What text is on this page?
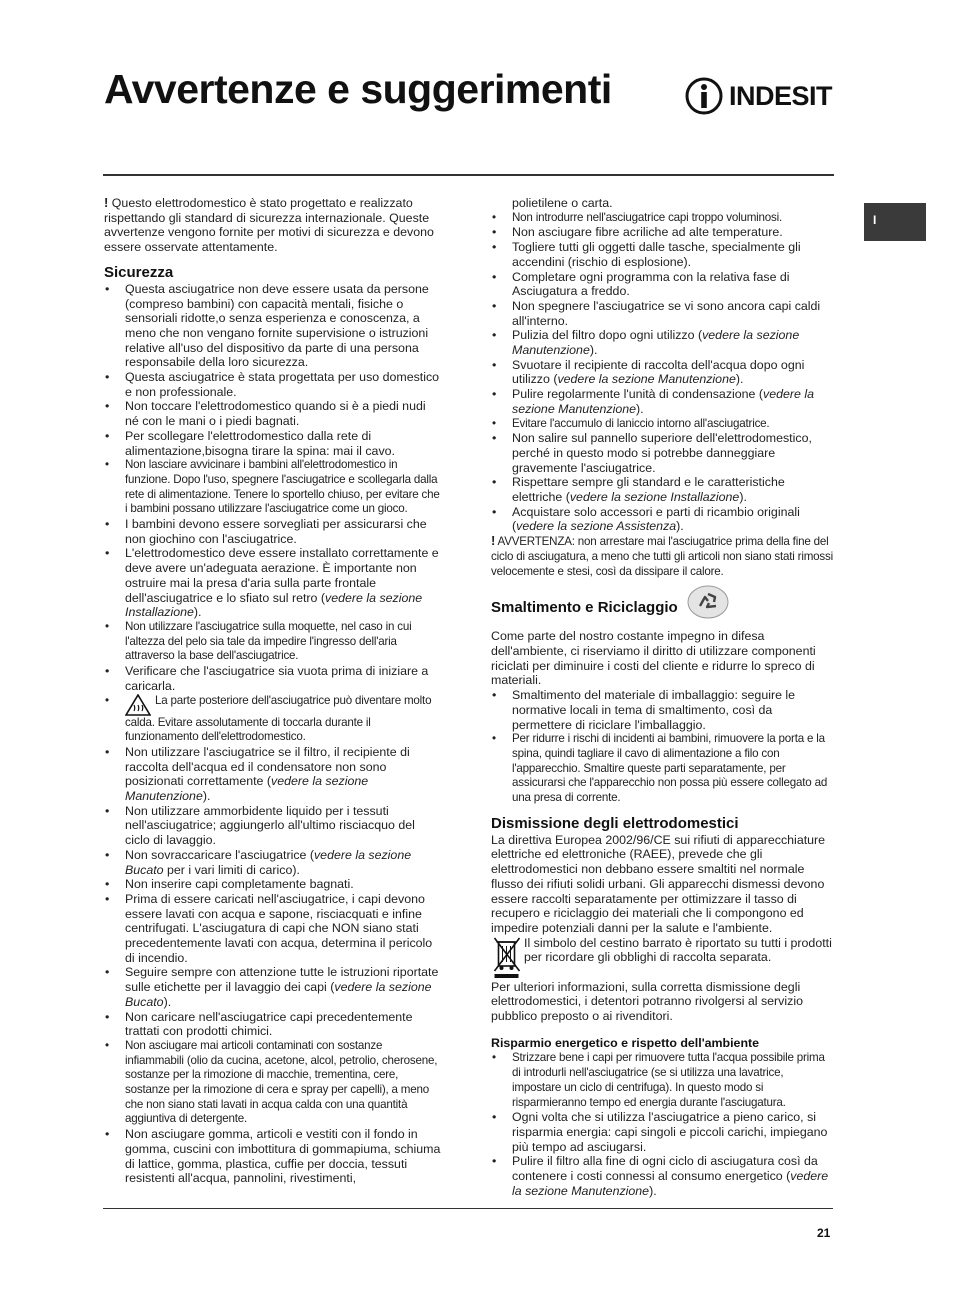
Avvertenze e suggerimenti	INDESIT
I

! Questo elettrodomestico è stato progettato e realizzato rispettando gli standard di sicurezza internazionale. Queste avvertenze vengono fornite per motivi di sicurezza e devono essere osservate attentamente.

Sicurezza
• Questa asciugatrice non deve essere usata da persone (compreso bambini) con capacità mentali, fisiche o sensoriali ridotte,o senza esperienza e conoscenza, a meno che non vengano fornite supervisione o istruzioni relative all'uso del dispositivo da parte di una persona responsabile della loro sicurezza.
• Questa asciugatrice è stata progettata per uso domestico e non professionale.
• Non toccare l'elettrodomestico quando si è a piedi nudi né con le mani o i piedi bagnati.
• Per scollegare l'elettrodomestico dalla rete di alimentazione,bisogna tirare la spina: mai il cavo.
• Non lasciare avvicinare i bambini all'elettrodomestico in funzione. Dopo l'uso, spegnere l'asciugatrice e scollegarla dalla rete di alimentazione. Tenere lo sportello chiuso, per evitare che i bambini possano utilizzare l'asciugatrice come un gioco.
• I bambini devono essere sorvegliati per assicurarsi che non giochino con l'asciugatrice.
• L'elettrodomestico deve essere installato correttamente e deve avere un'adeguata aerazione. È importante non ostruire mai la presa d'aria sulla parte frontale dell'asciugatrice e lo sfiato sul retro (vedere la sezione Installazione).
• Non utilizzare l'asciugatrice sulla moquette, nel caso in cui l'altezza del pelo sia tale da impedire l'ingresso dell'aria attraverso la base dell'asciugatrice.
• Verificare che l'asciugatrice sia vuota prima di iniziare a caricarla.
• La parte posteriore dell'asciugatrice può diventare molto calda. Evitare assolutamente di toccarla durante il funzionamento dell'elettrodomestico.
• Non utilizzare l'asciugatrice se il filtro, il recipiente di raccolta dell'acqua ed il condensatore non sono posizionati correttamente (vedere la sezione Manutenzione).
• Non utilizzare ammorbidente liquido per i tessuti nell'asciugatrice; aggiungerlo all'ultimo risciacquo del ciclo di lavaggio.
• Non sovraccaricare l'asciugatrice (vedere la sezione Bucato per i vari limiti di carico).
• Non inserire capi completamente bagnati.
• Prima di essere caricati nell'asciugatrice, i capi devono essere lavati con acqua e sapone, risciacquati e infine centrifugati. L'asciugatura di capi che NON siano stati precedentemente lavati con acqua, determina il pericolo di incendio.
• Seguire sempre con attenzione tutte le istruzioni riportate sulle etichette per il lavaggio dei capi (vedere la sezione Bucato).
• Non caricare nell'asciugatrice capi precedentemente trattati con prodotti chimici.
• Non asciugare mai articoli contaminati con sostanze infiammabili (olio da cucina, acetone, alcol, petrolio, cherosene, sostanze per la rimozione di macchie, trementina, cere, sostanze per la rimozione di cera e spray per capelli), a meno che non siano stati lavati in acqua calda con una quantità aggiuntiva di detergente.
• Non asciugare gomma, articoli e vestiti con il fondo in gomma, cuscini con imbottitura di gommapiuma, schiuma di lattice, gomma, plastica, cuffie per doccia, tessuti resistenti all'acqua, pannolini, rivestimenti,

polietilene o carta.

• Non introdurre nell'asciugatrice capi troppo voluminosi.
• Non asciugare fibre acriliche ad alte temperature.
• Togliere tutti gli oggetti dalle tasche, specialmente gli accendini (rischio di esplosione).
• Completare ogni programma con la relativa fase di Asciugatura a freddo.
• Non spegnere l'asciugatrice se vi sono ancora capi caldi all'interno.
• Pulizia del filtro dopo ogni utilizzo (vedere la sezione Manutenzione).
• Svuotare il recipiente di raccolta dell'acqua dopo ogni utilizzo (vedere la sezione Manutenzione).
• Pulire regolarmente l'unità di condensazione (vedere la sezione Manutenzione).
• Evitare l'accumulo di laniccio intorno all'asciugatrice.
• Non salire sul pannello superiore dell'elettrodomestico, perché in questo modo si potrebbe danneggiare gravemente l'asciugatrice.
• Rispettare sempre gli standard e le caratteristiche elettriche (vedere la sezione Installazione).
• Acquistare solo accessori e parti di ricambio originali (vedere la sezione Assistenza).

! AVVERTENZA: non arrestare mai l'asciugatrice prima della fine del ciclo di asciugatura, a meno che tutti gli articoli non siano stati rimossi velocemente e stesi, così da dissipare il calore.

Smaltimento e Riciclaggio

Come parte del nostro costante impegno in difesa dell'ambiente, ci riserviamo il diritto di utilizzare componenti riciclati per diminuire i costi del cliente e ridurre lo spreco di materiali.

• Smaltimento del materiale di imballaggio: seguire le normative locali in tema di smaltimento, così da permettere di riciclare l'imballaggio.
• Per ridurre i rischi di incidenti ai bambini, rimuovere la porta e la spina, quindi tagliare il cavo di alimentazione a filo con l'apparecchio. Smaltire queste parti separatamente, per assicurarsi che l'apparecchio non possa più essere collegato ad una presa di corrente.
Dismissione degli elettrodomestici

La direttiva Europea 2002/96/CE sui rifiuti di apparecchiature elettriche ed elettroniche (RAEE), prevede che gli elettrodomestici non debbano essere smaltiti nel normale flusso dei rifiuti solidi urbani. Gli apparecchi dismessi devono essere raccolti separatamente per ottimizzare il tasso di recupero e riciclaggio dei materiali che li compongono ed impedire potenziali danni per la salute e l'ambiente.

Il simbolo del cestino barrato è riportato su tutti i prodotti per ricordare gli obblighi di raccolta separata.

Per ulteriori informazioni, sulla corretta dismissione degli elettrodomestici, i detentori potranno rivolgersi al servizio pubblico preposto o ai rivenditori.

Risparmio energetico e rispetto dell'ambiente
• Strizzare bene i capi per rimuovere tutta l'acqua possibile prima di introdurli nell'asciugatrice (se si utilizza una lavatrice, impostare un ciclo di centrifuga). In questo modo si risparmieranno tempo ed energia durante l'asciugatura.
• Ogni volta che si utilizza l'asciugatrice a pieno carico, si risparmia energia: capi singoli e piccoli carichi, impiegano più tempo ad asciugarsi.
• Pulire il filtro alla fine di ogni ciclo di asciugatura così da contenere i costi connessi al consumo energetico (vedere la sezione Manutenzione).
21
